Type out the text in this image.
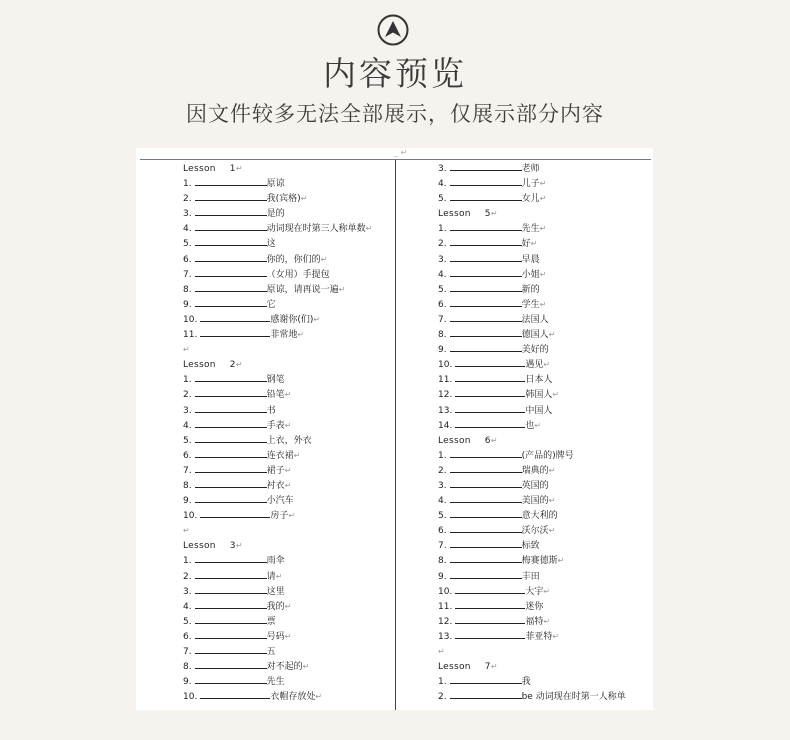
内容预览
因文件较多无法全部展示，仅展示部分内容
_ ↵
Lesson 1↵
1.	原谅
2.	我(宾格)↵
3.	是的
4.	动词现在时第三人称单数↵
5.	这
6.	你的，你们的↵
7.	（女用）手提包
8.	原谅，请再说一遍↵
9.	它
10.	感谢你(们)↵
11.	非常地↵
↵
Lesson 2↵
1.	钢笔
2.	铅笔↵
3.	书
4.	手表↵
5.	上衣，外衣
6.	连衣裙↵
7.	裙子↵
8.	衬衣↵
9.	小汽车
10.	房子↵
↵
Lesson 3↵
1.	雨伞
2.	请↵
3.	这里
4.	我的↵
5.	票
6.	号码↵
7.	五
8.	对不起的↵
9.	先生
10.	衣帽存放处↵
3.	老师
4.	儿子↵
5.	女儿↵
Lesson 5↵
1.	先生↵
2.	好↵
3.	早晨
4.	小姐↵
5.	新的
6.	学生↵
7.	法国人
8.	德国人↵
9.	美好的
10.	遇见↵
11.	日本人
12.	韩国人↵
13.	中国人
14.	也↵
Lesson 6↵
1.	(产品的)牌号
2.	瑞典的↵
3.	英国的
4.	美国的↵
5.	意大利的
6.	沃尔沃↵
7.	标致
8.	梅赛德斯↵
9.	丰田
10.	大宇↵
11.	迷你
12.	福特↵
13.	菲亚特↵
↵
Lesson 7↵
1.	我
2.	be 动词现在时第一人称单
